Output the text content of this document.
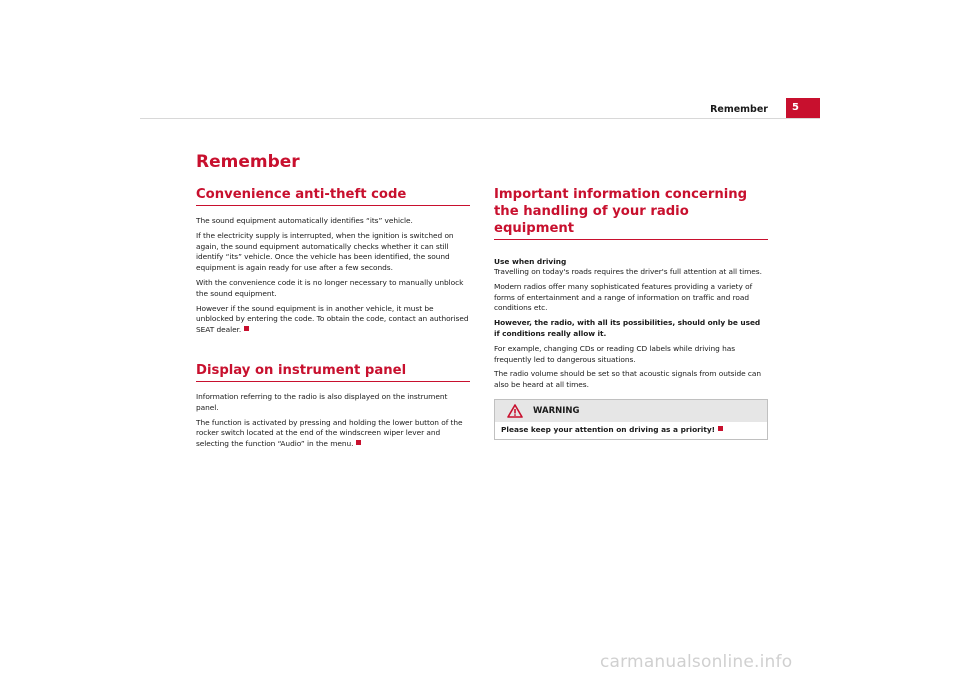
Remember	5
Remember
Convenience anti-theft code

The sound equipment automatically identifies “its” vehicle.

If the electricity supply is interrupted, when the ignition is switched on again, the sound equipment automatically checks whether it can still identify “its” vehicle. Once the vehicle has been identified, the sound equipment is again ready for use after a few seconds.

With the convenience code it is no longer necessary to manually unblock the sound equipment.

However if the sound equipment is in another vehicle, it must be unblocked by entering the code. To obtain the code, contact an authorised SEAT dealer.

Display on instrument panel

Information referring to the radio is also displayed on the instrument panel.

The function is activated by pressing and holding the lower button of the rocker switch located at the end of the windscreen wiper lever and selecting the function “Audio” in the menu.

Important information concerning the handling of your radio equipment
Use when driving

Travelling on today's roads requires the driver's full attention at all times.

Modern radios offer many sophisticated features providing a variety of forms of entertainment and a range of information on traffic and road conditions etc.

However, the radio, with all its possibilities, should only be used if conditions really allow it.

For example, changing CDs or reading CD labels while driving has frequently led to dangerous situations.

The radio volume should be set so that acoustic signals from outside can also be heard at all times.

WARNING
Please keep your attention on driving as a priority!
carmanualsonline.info
